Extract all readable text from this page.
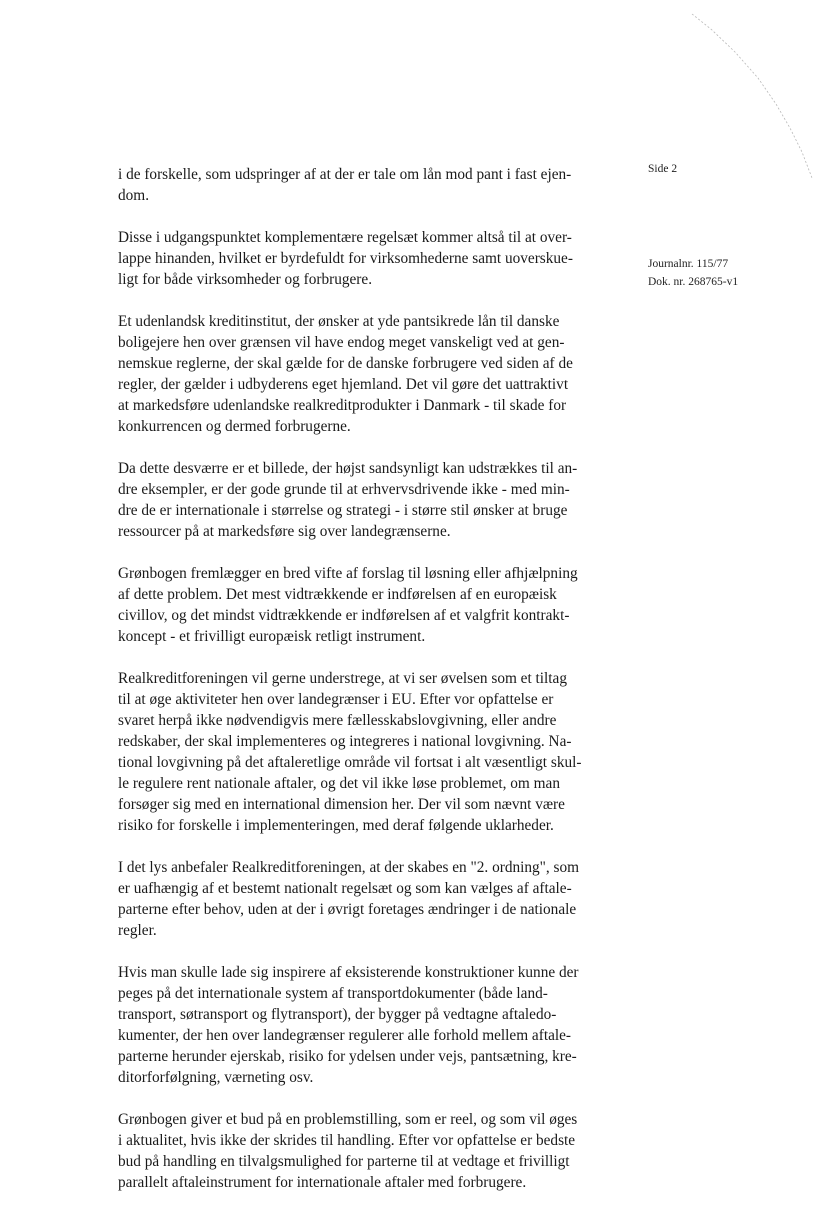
Side 2
Journalnr. 115/77
Dok. nr. 268765-v1

i de forskelle, som udspringer af at der er tale om lån mod pant i fast ejen-
dom.

Disse i udgangspunktet komplementære regelsæt kommer altså til at over-
lappe hinanden, hvilket er byrdefuldt for virksomhederne samt uoverskue-
ligt for både virksomheder og forbrugere.

Et udenlandsk kreditinstitut, der ønsker at yde pantsikrede lån til danske
boligejere hen over grænsen vil have endog meget vanskeligt ved at gen-
nemskue reglerne, der skal gælde for de danske forbrugere ved siden af de
regler, der gælder i udbyderens eget hjemland. Det vil gøre det uattraktivt
at markedsføre udenlandske realkreditprodukter i Danmark - til skade for
konkurrencen og dermed forbrugerne.

Da dette desværre er et billede, der højst sandsynligt kan udstrækkes til an-
dre eksempler, er der gode grunde til at erhvervsdrivende ikke - med min-
dre de er internationale i størrelse og strategi - i større stil ønsker at bruge
ressourcer på at markedsføre sig over landegrænserne.

Grønbogen fremlægger en bred vifte af forslag til løsning eller afhjælpning
af dette problem. Det mest vidtrækkende er indførelsen af en europæisk
civillov, og det mindst vidtrækkende er indførelsen af et valgfrit kontrakt-
koncept - et frivilligt europæisk retligt instrument.

Realkreditforeningen vil gerne understrege, at vi ser øvelsen som et tiltag
til at øge aktiviteter hen over landegrænser i EU. Efter vor opfattelse er
svaret herpå ikke nødvendigvis mere fællesskabslovgivning, eller andre
redskaber, der skal implementeres og integreres i national lovgivning. Na-
tional lovgivning på det aftaleretlige område vil fortsat i alt væsentligt skul-
le regulere rent nationale aftaler, og det vil ikke løse problemet, om man
forsøger sig med en international dimension her. Der vil som nævnt være
risiko for forskelle i implementeringen, med deraf følgende uklarheder.

I det lys anbefaler Realkreditforeningen, at der skabes en "2. ordning", som
er uafhængig af et bestemt nationalt regelsæt og som kan vælges af aftale-
parterne efter behov, uden at der i øvrigt foretages ændringer i de nationale
regler.

Hvis man skulle lade sig inspirere af eksisterende konstruktioner kunne der
peges på det internationale system af transportdokumenter (både land-
transport, søtransport og flytransport), der bygger på vedtagne aftaledo-
kumenter, der hen over landegrænser regulerer alle forhold mellem aftale-
parterne herunder ejerskab, risiko for ydelsen under vejs, pantsætning, kre-
ditorforfølgning, værneting osv.

Grønbogen giver et bud på en problemstilling, som er reel, og som vil øges
i aktualitet, hvis ikke der skrides til handling. Efter vor opfattelse er bedste
bud på handling en tilvalgsmulighed for parterne til at vedtage et frivilligt
parallelt aftaleinstrument for internationale aftaler med forbrugere.
